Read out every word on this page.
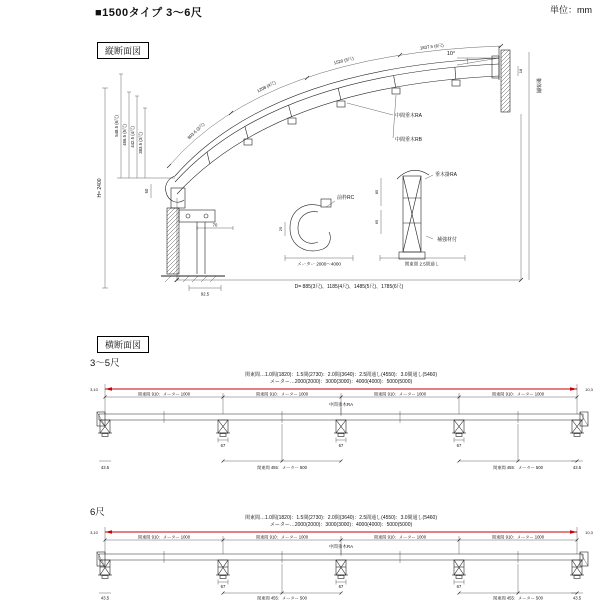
■1500タイプ 3〜6尺	単位：mm
縦断面図
躯体側
18
10°
803.6 (3尺)
1208 (4尺)
1520 (5尺)
1837.5 (6尺)
548.5 (6尺) 456.5 (5尺) 442.5 (4尺) 383.5 (3尺)
H= 2400	60
70
92.5
25
前枠RC
メーター 2000〜4000
85
65
垂木掛RA
補強材付
関東間 2.5間通し
中間垂木RA
中間垂木RB
D= 885(3尺)、1185(4尺)、1485(5尺)、1785(6尺)
横断面図
3〜5尺
関東間…1.0間(1820)：1.5間(2730)：2.0間(3640)：2.5間通し(4550)：3.0間通し(5460)
メーター…2000(2000)：3000(3000)：4000(4000)：5000(5000)
3,10	10,3
関東間 910：メーター 1000	関東間 910：メーター 1000	関東間 910：メーター 1000	関東間 910：メーター 1000
中間垂木RA
67	67	67
関東間 455：メーター 500	関東間 455：メーター 500
43.5	43.5
6尺	関東間…1.0間(1820)：1.5間(2730)：2.0間(3640)：2.5間通し(4550)：3.0間通し(5460)
メーター…2000(2000)：3000(3000)：4000(4000)：5000(5000)
3,10	10,3
関東間 910：メーター 1000	関東間 910：メーター 1000	関東間 910：メーター 1000	関東間 910：メーター 1000
中間垂木RA
67	67	67
関東間 455：メーター 500	関東間 455：メーター 500
43.5	43.5
